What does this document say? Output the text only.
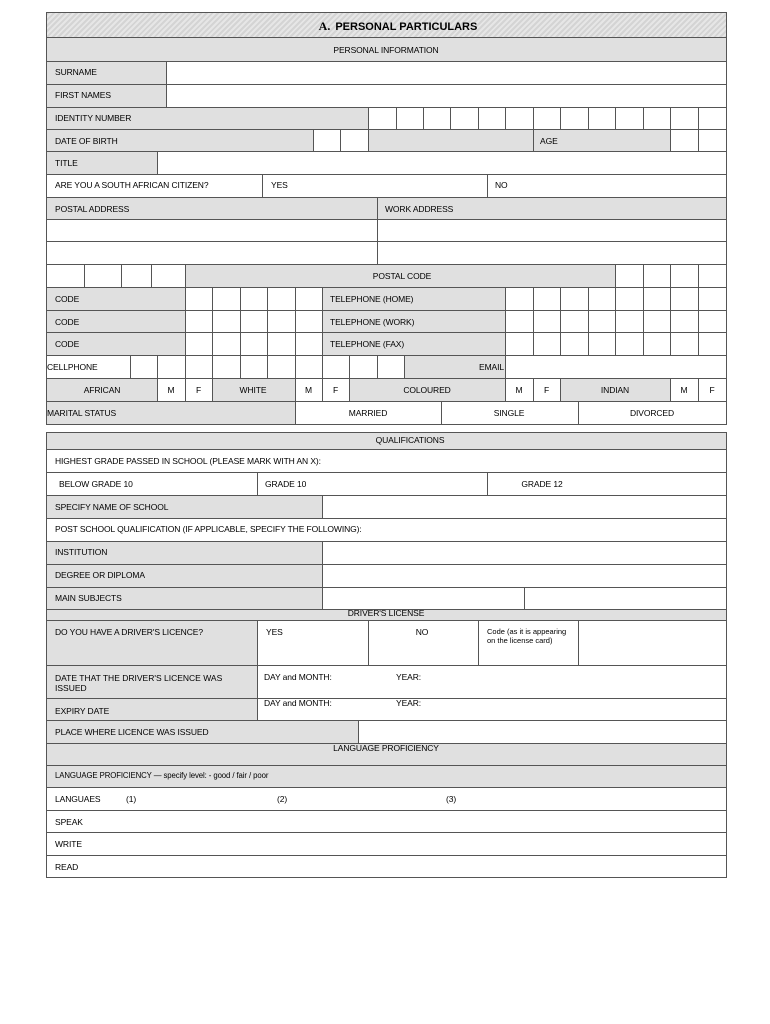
A. PERSONAL PARTICULARS
PERSONAL INFORMATION
SURNAME
FIRST NAMES
IDENTITY NUMBER
DATE OF BIRTH	AGE
TITLE
ARE YOU A SOUTH AFRICAN CITIZEN?	YES	NO
POSTAL ADDRESS	WORK ADDRESS
POSTAL CODE
CODE	TELEPHONE (HOME)
CODE	TELEPHONE (WORK)
CODE	TELEPHONE (FAX)
CELLPHONE	EMAIL
AFRICAN	M	F	WHITE	M F	COLOURED	M	F	INDIAN	M	F
MARITAL STATUS	MARRIED	SINGLE	DIVORCED
QUALIFICATIONS
HIGHEST GRADE PASSED IN SCHOOL (PLEASE MARK WITH AN X):
BELOW GRADE 10	GRADE 10	GRADE 12
SPECIFY NAME OF SCHOOL
POST SCHOOL QUALIFICATION (IF APPLICABLE, SPECIFY THE FOLLOWING):
INSTITUTION
DEGREE OR DIPLOMA
MAIN SUBJECTS
DRIVER'S LICENSE
DO YOU HAVE A DRIVER'S LICENCE?	YES	NO	Code (as it is appearing on the license card)
DATE THAT THE DRIVER'S LICENCE WAS ISSUED
DAY and MONTH:	YEAR:
EXPIRY DATE
DAY and MONTH:	YEAR:
PLACE WHERE LICENCE WAS ISSUED
LANGUAGE PROFICIENCY
LANGUAGE PROFICIENCY — specify level: - good / fair / poor
LANGUAES	(1)	(2)	(3)
SPEAK
WRITE
READ
